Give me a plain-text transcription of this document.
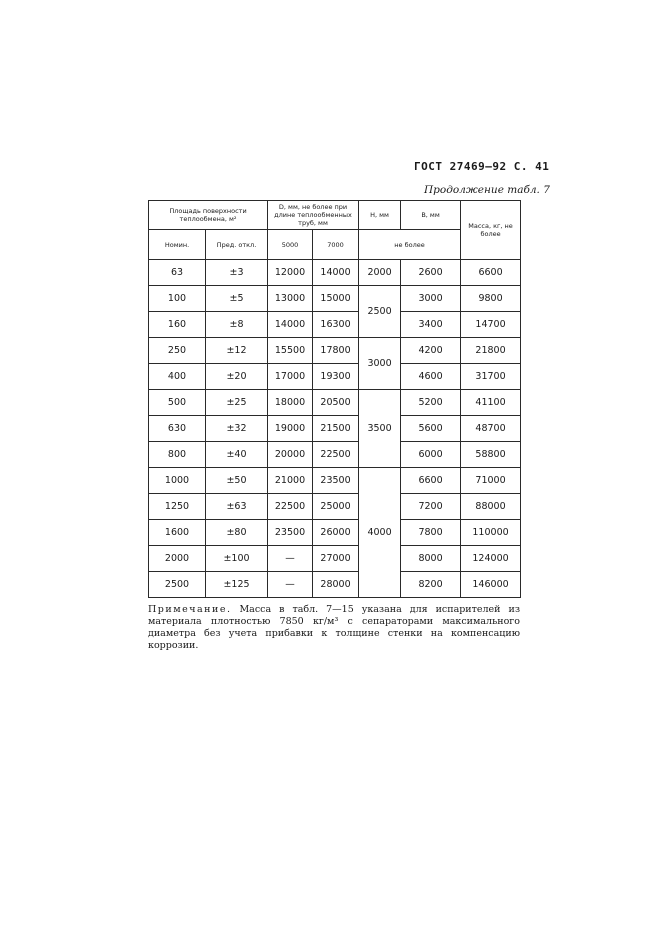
ГОСТ 27469—92 С. 41
Продолжение табл. 7
Площадь поверхности теплообмена, м²		D, мм, не более при длине теплообменных труб, мм		H, мм	B, мм	Масса, кг, не более
Номин.	Пред. откл.	5000	7000	не более		
63	±3	12000	14000	2000	2600	6600
100	±5	13000	15000	2500	3000	9800
160	±8	14000	16300		3400	14700
250	±12	15500	17800	3000	4200	21800
400	±20	17000	19300		4600	31700
500	±25	18000	20500	3500	5200	41100
630	±32	19000	21500		5600	48700
800	±40	20000	22500		6000	58800
1000	±50	21000	23500	4000	6600	71000
1250	±63	22500	25000		7200	88000
1600	±80	23500	26000		7800	110000
2000	±100	—	27000		8000	124000
2500	±125	—	28000		8200	146000
Примечание. Масса в табл. 7—15 указана для испарителей из материала плотностью 7850 кг/м³ с сепараторами максимального диаметра без учета прибавки к толщине стенки на компенсацию коррозии.
